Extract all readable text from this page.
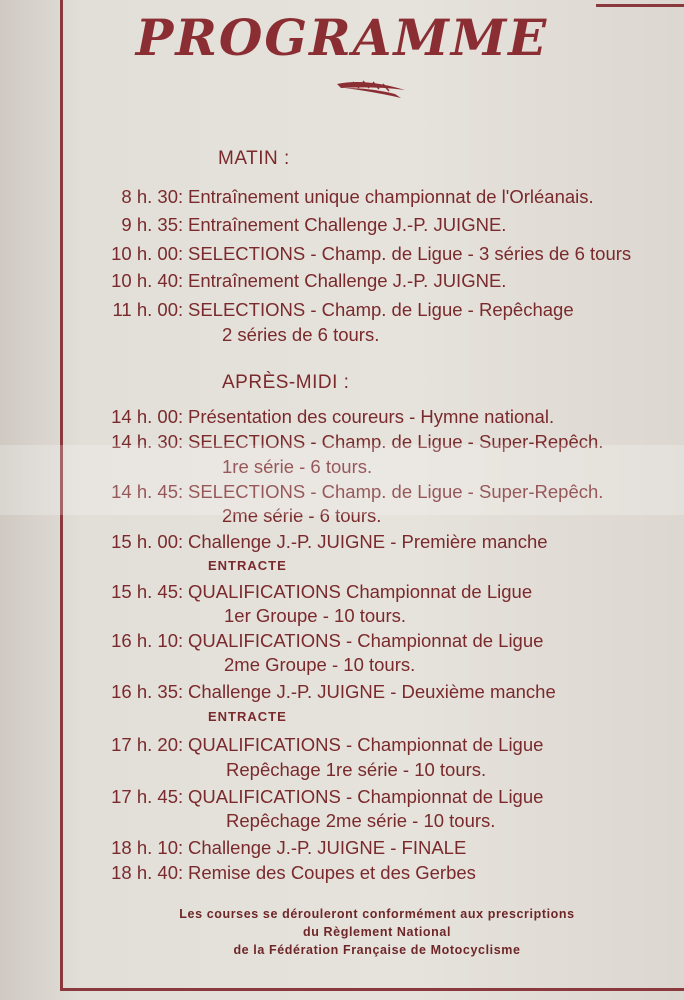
PROGRAMME
MATIN :
8 h. 30 : Entraînement unique championnat de l'Orléanais.
9 h. 35 : Entraînement Challenge J.-P. JUIGNE.
10 h. 00 : SELECTIONS - Champ. de Ligue - 3 séries de 6 tours
10 h. 40 : Entraînement Challenge J.-P. JUIGNE.
11 h. 00 : SELECTIONS - Champ. de Ligue - Repêchage
2 séries de 6 tours.
APRÈS-MIDI :
14 h. 00 : Présentation des coureurs - Hymne national.
14 h. 30 : SELECTIONS - Champ. de Ligue - Super-Repêch.
1re série - 6 tours.
14 h. 45 : SELECTIONS - Champ. de Ligue - Super-Repêch.
2me série - 6 tours.
15 h. 00 : Challenge J.-P. JUIGNE - Première manche
ENTRACTE
15 h. 45 : QUALIFICATIONS Championnat de Ligue
1er Groupe - 10 tours.
16 h. 10 : QUALIFICATIONS - Championnat de Ligue
2me Groupe - 10 tours.
16 h. 35 : Challenge J.-P. JUIGNE - Deuxième manche
ENTRACTE
17 h. 20 : QUALIFICATIONS - Championnat de Ligue
Repêchage 1re série - 10 tours.
17 h. 45 : QUALIFICATIONS - Championnat de Ligue
Repêchage 2me série - 10 tours.
18 h. 10 : Challenge J.-P. JUIGNE - FINALE
18 h. 40 : Remise des Coupes et des Gerbes
Les courses se dérouleront conformément aux prescriptions
du Règlement National
de la Fédération Française de Motocyclisme
